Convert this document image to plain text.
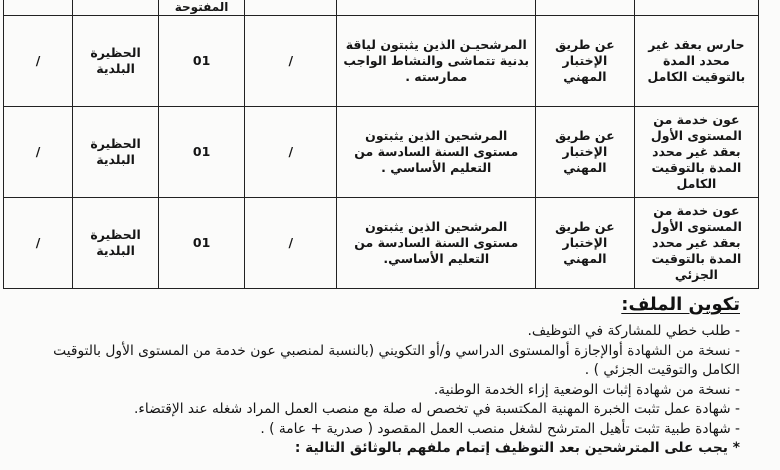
				المفتوحة		
حارس بعقد غير محدد المدة بالتوقيت الكامل	عن طريق الإختبار المهني	المرشحيـن الذين يثبتون لياقة بدنية تتماشى والنشاط الواجب ممارسته .	/	01	الحظيرة البلدية	/
عون خدمة من المستوى الأول بعقد غير محدد المدة بالتوقيت الكامل	عن طريق الإختبار المهني	المرشحين الذين يثبتون مستوى السنة السادسة من التعليم الأساسي .	/	01	الحظيرة البلدية	/
عون خدمة من المستوى الأول بعقد غير محدد المدة بالتوقيت الجزئي	عن طريق الإختبار المهني	المرشحين الذين يثبتون مستوى السنة السادسة من التعليم الأساسي.	/	01	الحظيرة البلدية	/
تكوين الملف:

- طلب خطي للمشاركة في التوظيف.

- نسخة من الشهادة أوالإجازة أوالمستوى الدراسي و/أو التكويني (بالنسبة لمنصبي عون خدمة من المستوى الأول بالتوقيت الكامل والتوقيت الجزئي ) .

- نسخة من شهادة إثبات الوضعية إزاء الخدمة الوطنية.

- شهادة عمل تثبت الخبرة المهنية المكتسبة في تخصص له صلة مع منصب العمل المراد شغله عند الإقتضاء.

- شهادة طبية تثبت تأهيل المترشح لشغل منصب العمل المقصود ( صدرية + عامة ) .

* يجب على المترشحين بعد التوظيف إتمام ملفهم بالوثائق التالية :
